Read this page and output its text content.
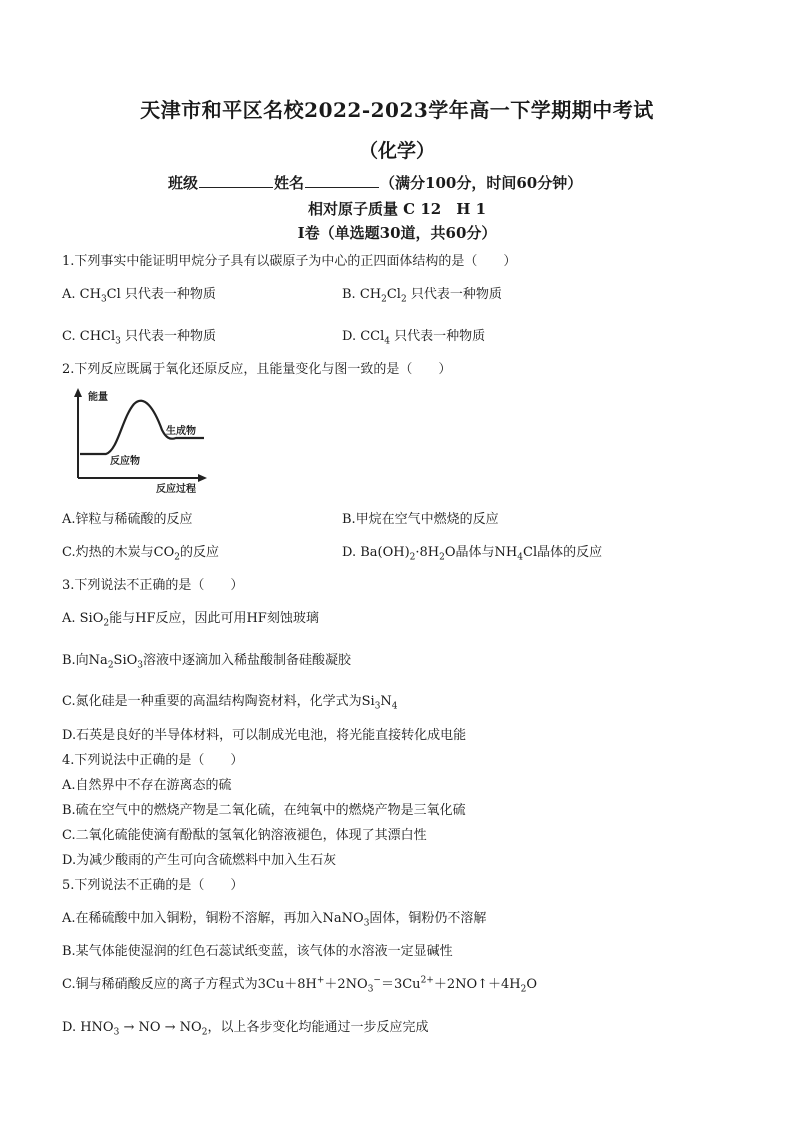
天津市和平区名校2022-2023学年高一下学期期中考试
（化学）
班级	姓名	（满分100分，时间60分钟）
相对原子质量 C 12　H 1
Ⅰ卷（单选题30道，共60分）
1.下列事实中能证明甲烷分子具有以碳原子为中心的正四面体结构的是（　　）
A. $CH_3Cl$ 只代表一种物质	B. $CH_2Cl_2$ 只代表一种物质
C. CHCl$_3$ 只代表一种物质	D. CCl$_4$ 只代表一种物质
2.下列反应既属于氧化还原反应，且能量变化与图一致的是（　　）
能量
反应过程
生成物
反应物
A.锌粒与稀硫酸的反应	B.甲烷在空气中燃烧的反应
C.灼热的木炭与$CO_2$的反应	D. $Ba(OH)_2\cdot 8H_2O$晶体与$NH_4Cl$晶体的反应
3.下列说法不正确的是（　　）
A. SiO$_2$能与HF反应，因此可用HF刻蚀玻璃
B.向$Na_2SiO_3$溶液中逐滴加入稀盐酸制备硅酸凝胶
C.氮化硅是一种重要的高温结构陶瓷材料，化学式为$Si_3N_4$
D.石英是良好的半导体材料，可以制成光电池，将光能直接转化成电能
4.下列说法中正确的是（　　）
A.自然界中不存在游离态的硫
B.硫在空气中的燃烧产物是二氧化硫，在纯氧中的燃烧产物是三氧化硫
C.二氧化硫能使滴有酚酞的氢氧化钠溶液褪色，体现了其漂白性
D.为减少酸雨的产生可向含硫燃料中加入生石灰
5.下列说法不正确的是（　　）
A.在稀硫酸中加入铜粉，铜粉不溶解，再加入NaNO$_3$固体，铜粉仍不溶解
B.某气体能使湿润的红色石蕊试纸变蓝，该气体的水溶液一定显碱性
C.铜与稀硝酸反应的离子方程式为$3Cu+8H^++2NO_3^-=3Cu^{2+}+2NO↑+4H_2O$
D. $HNO_3$ → NO → $NO_2$，以上各步变化均能通过一步反应完成
